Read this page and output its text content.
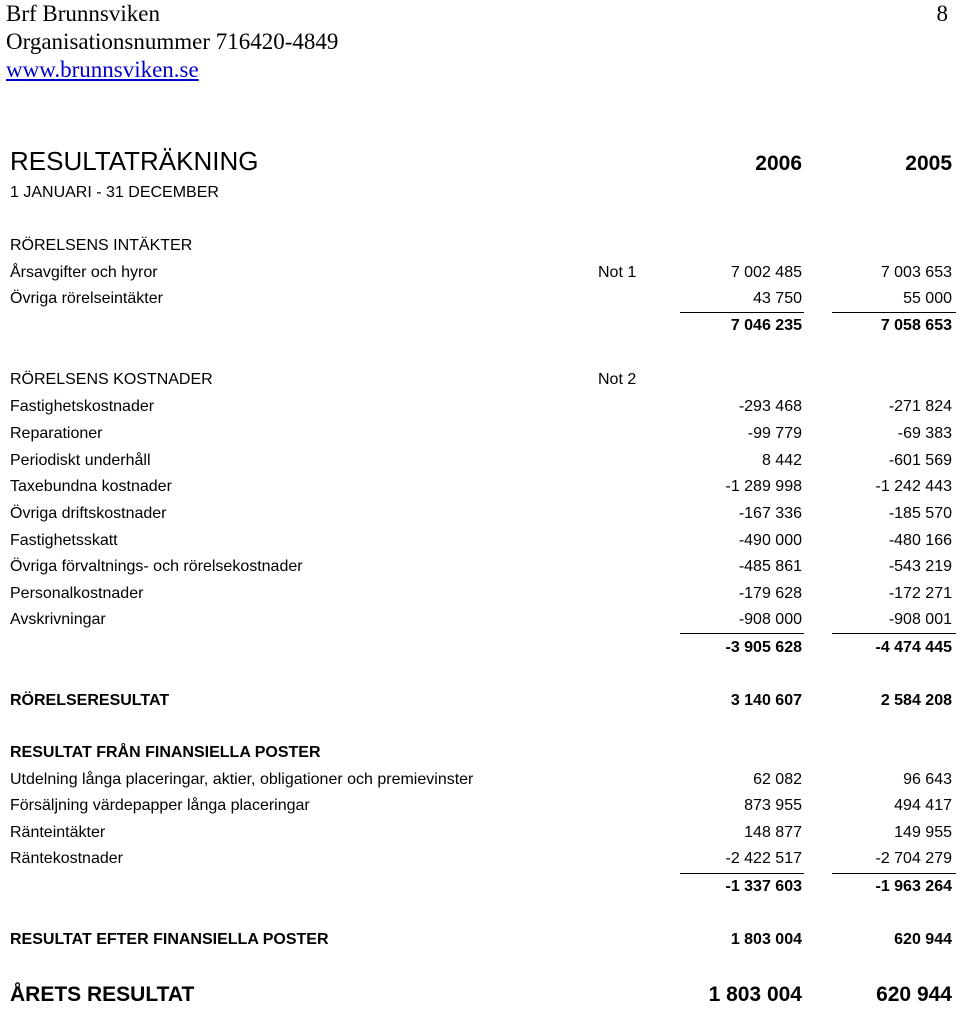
Brf Brunnsviken
Organisationsnummer 716420-4849
www.brunnsviken.se
8
RESULTATRÄKNING	2006	2005
1 JANUARI - 31 DECEMBER
RÖRELSENS INTÄKTER
Årsavgifter och hyror	Not 1	7 002 485	7 003 653
Övriga rörelseintäkter	43 750	55 000
7 046 235	7 058 653
RÖRELSENS KOSTNADER	Not 2
Fastighetskostnader	-293 468	-271 824
Reparationer	-99 779	-69 383
Periodiskt underhåll	8 442	-601 569
Taxebundna kostnader	-1 289 998	-1 242 443
Övriga driftskostnader	-167 336	-185 570
Fastighetsskatt	-490 000	-480 166
Övriga förvaltnings- och rörelsekostnader	-485 861	-543 219
Personalkostnader	-179 628	-172 271
Avskrivningar	-908 000	-908 001
-3 905 628	-4 474 445
RÖRELSERESULTAT	3 140 607	2 584 208
RESULTAT FRÅN FINANSIELLA POSTER
Utdelning långa placeringar, aktier, obligationer och premievinster	62 082	96 643
Försäljning värdepapper långa placeringar	873 955	494 417
Ränteintäkter	148 877	149 955
Räntekostnader	-2 422 517	-2 704 279
-1 337 603	-1 963 264
RESULTAT EFTER FINANSIELLA POSTER	1 803 004	620 944
ÅRETS RESULTAT	1 803 004	620 944
